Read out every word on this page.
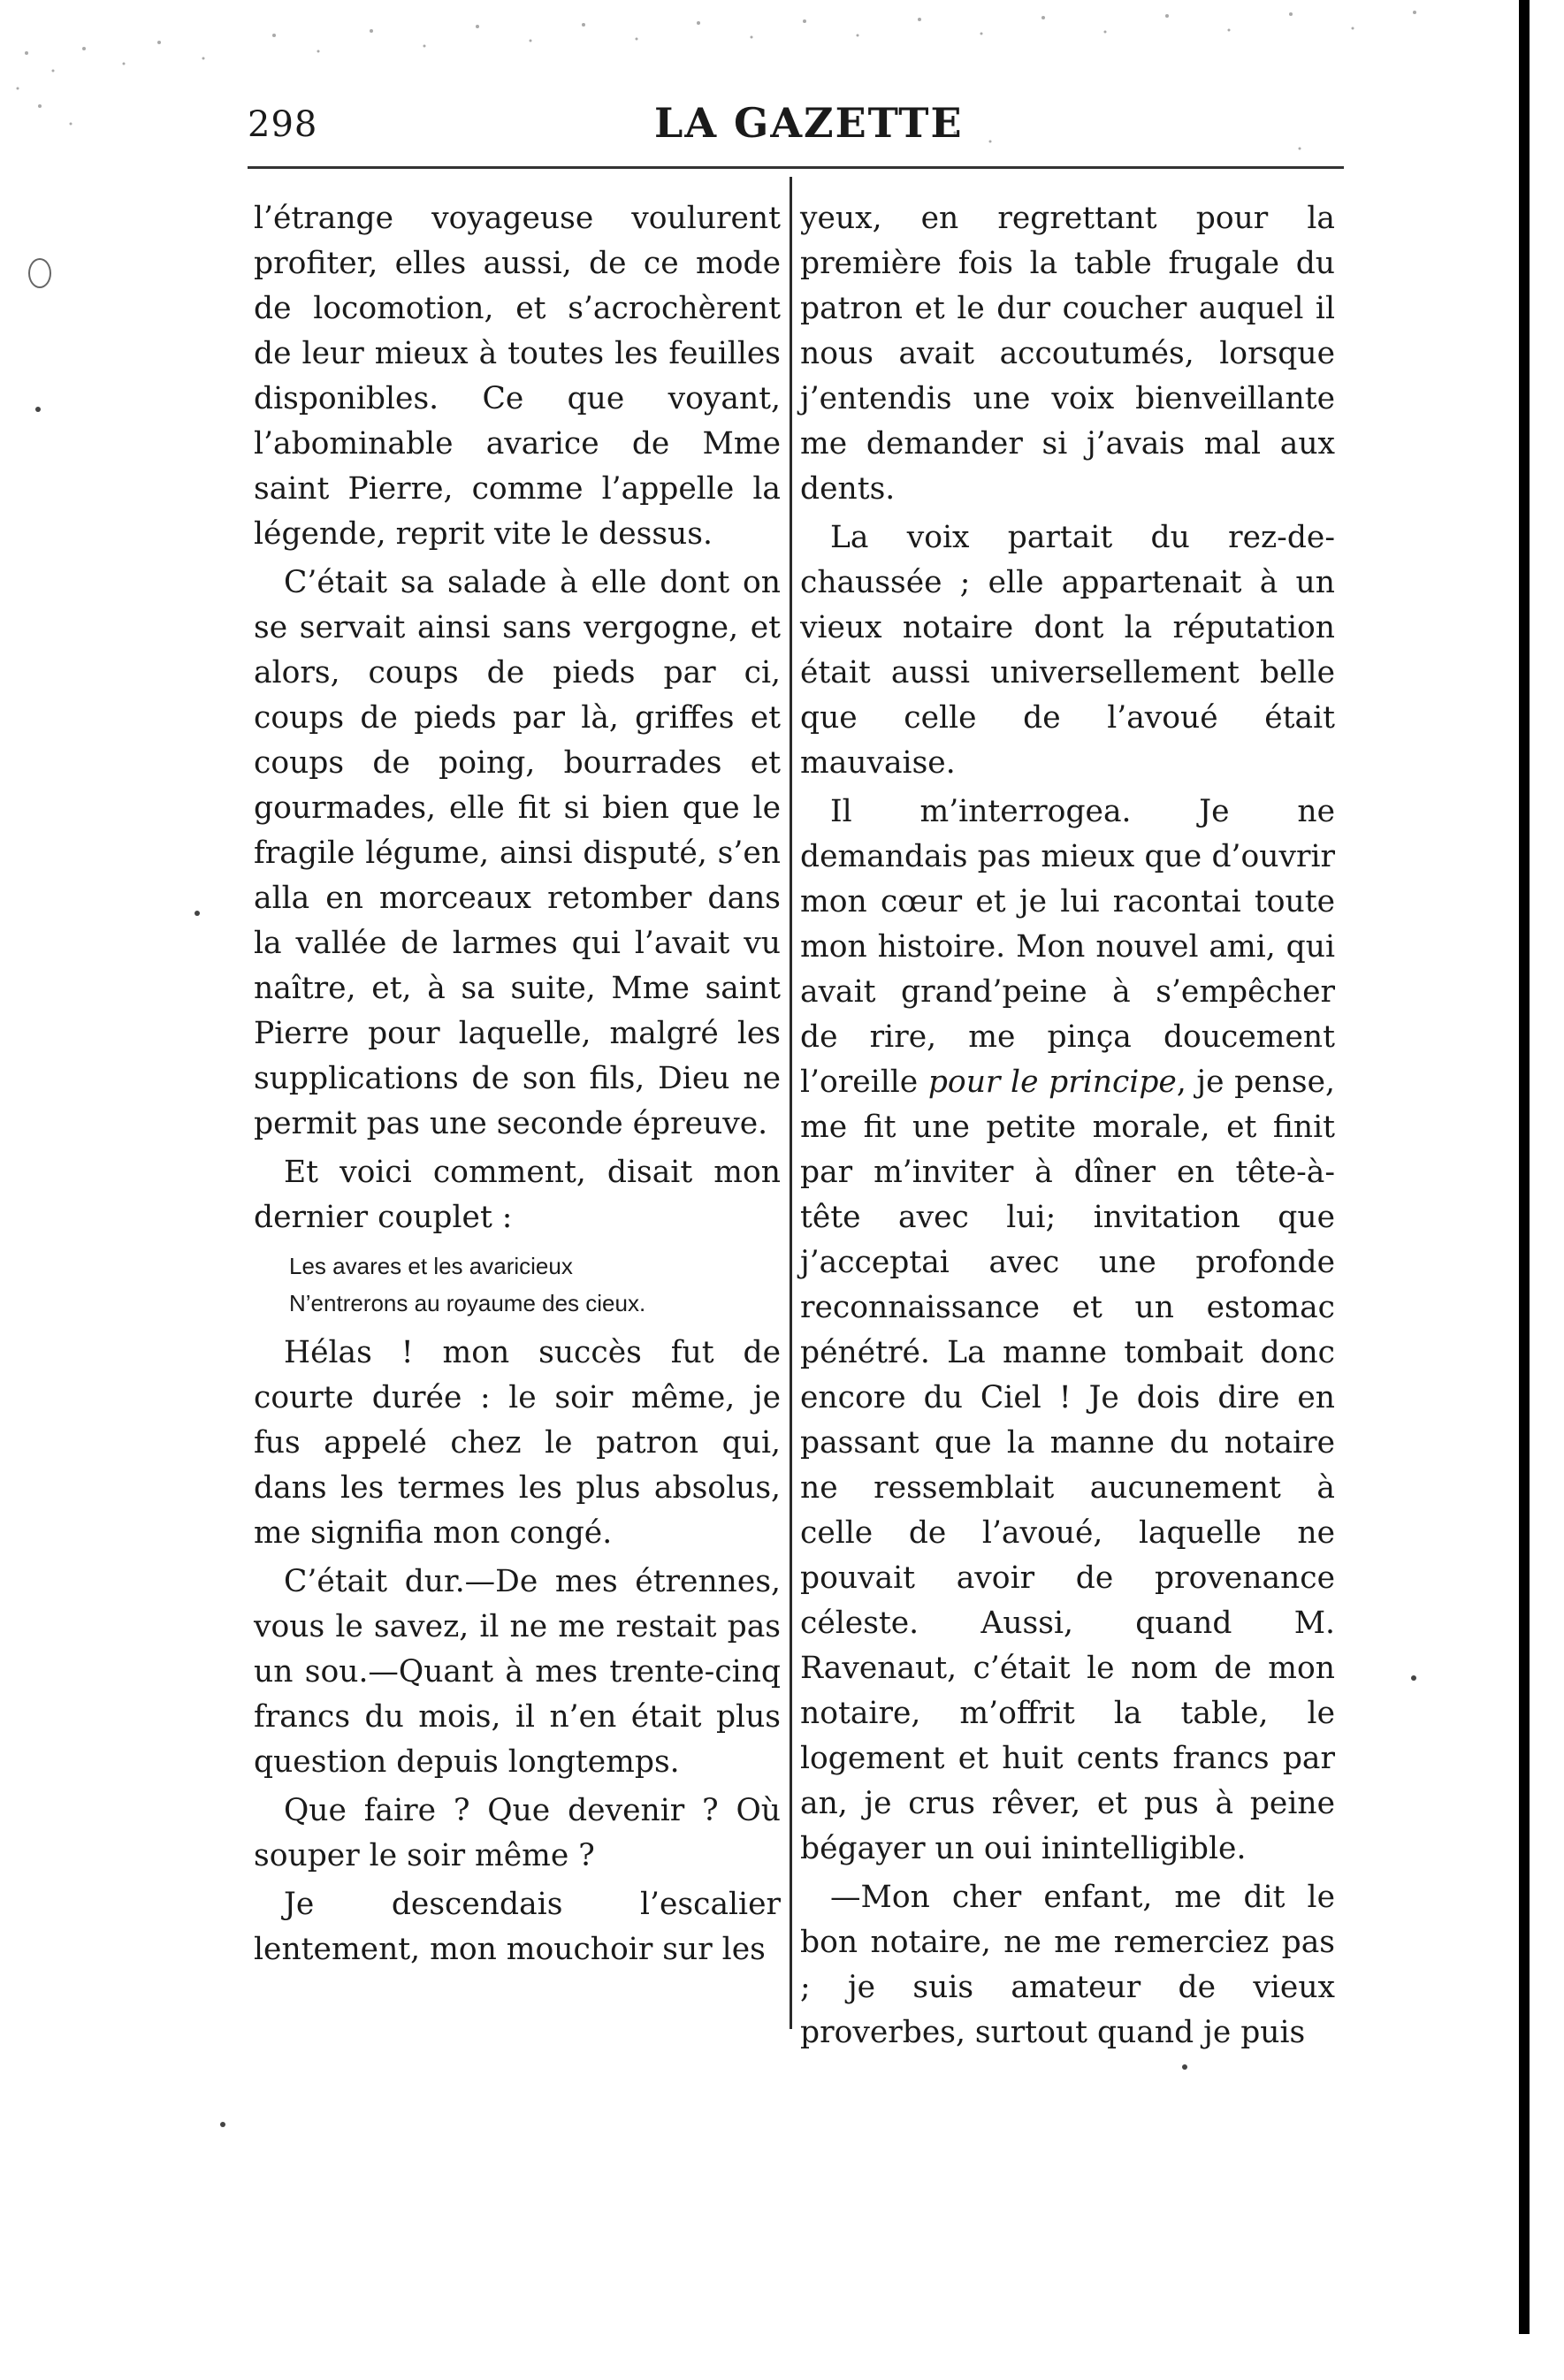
298	LA GAZETTE

l’étrange voyageuse voulurent profiter, elles aussi, de ce mode de locomotion, et s’acrochèrent de leur mieux à toutes les feuilles disponibles. Ce que voyant, l’abominable avarice de Mme saint Pierre, comme l’appelle la légende, reprit vite le dessus.

C’était sa salade à elle dont on se servait ainsi sans vergogne, et alors, coups de pieds par ci, coups de pieds par là, griffes et coups de poing, bourrades et gourmades, elle fit si bien que le fragile légume, ainsi disputé, s’en alla en morceaux retomber dans la vallée de larmes qui l’avait vu naître, et, à sa suite, Mme saint Pierre pour laquelle, malgré les supplications de son fils, Dieu ne permit pas une seconde épreuve.

Et voici comment, disait mon dernier couplet :

Les avares et les avaricieux
N’entrerons au royaume des cieux.

Hélas ! mon succès fut de courte durée : le soir même, je fus appelé chez le patron qui, dans les termes les plus absolus, me signifia mon congé.

C’était dur.—De mes étrennes, vous le savez, il ne me restait pas un sou.—Quant à mes trente-cinq francs du mois, il n’en était plus question depuis longtemps.

Que faire ? Que devenir ? Où souper le soir même ?

Je descendais l’escalier lentement, mon mouchoir sur les

yeux, en regrettant pour la première fois la table frugale du patron et le dur coucher auquel il nous avait accoutumés, lorsque j’entendis une voix bienveillante me demander si j’avais mal aux dents.

La voix partait du rez-de-chaussée ; elle appartenait à un vieux notaire dont la réputation était aussi universellement belle que celle de l’avoué était mauvaise.

Il m’interrogea. Je ne demandais pas mieux que d’ouvrir mon cœur et je lui racontai toute mon histoire. Mon nouvel ami, qui avait grand’peine à s’empêcher de rire, me pinça doucement l’oreille pour le principe, je pense, me fit une petite morale, et finit par m’inviter à dîner en tête-à-tête avec lui; invitation que j’acceptai avec une profonde reconnaissance et un estomac pénétré. La manne tombait donc encore du Ciel ! Je dois dire en passant que la manne du notaire ne ressemblait aucunement à celle de l’avoué, laquelle ne pouvait avoir de provenance céleste. Aussi, quand M. Ravenaut, c’était le nom de mon notaire, m’offrit la table, le logement et huit cents francs par an, je crus rêver, et pus à peine bégayer un oui inintelligible.

—Mon cher enfant, me dit le bon notaire, ne me remerciez pas ; je suis amateur de vieux proverbes, surtout quand je puis
